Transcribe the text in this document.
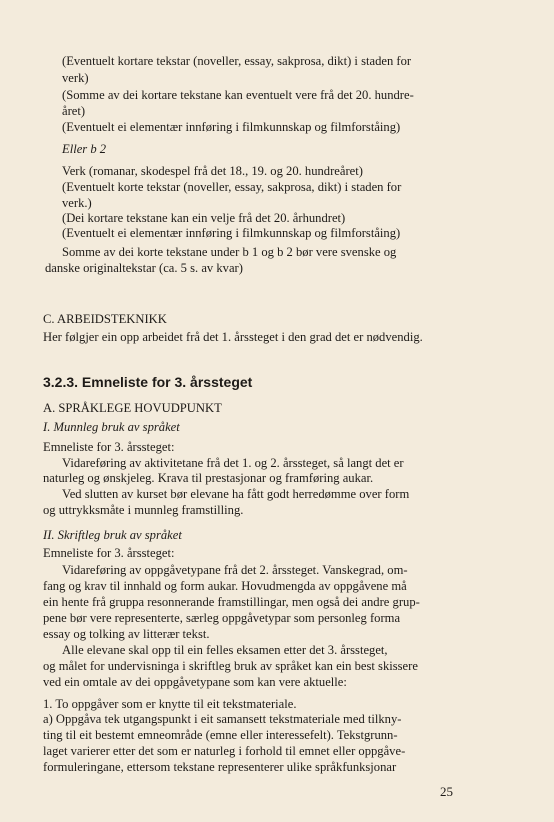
(Eventuelt kortare tekstar (noveller, essay, sakprosa, dikt) i staden for
verk)
(Somme av dei kortare tekstane kan eventuelt vere frå det 20. hundre-
året)
(Eventuelt ei elementær innføring i filmkunnskap og filmforståing)
Eller b 2
Verk (romanar, skodespel frå det 18., 19. og 20. hundreåret)
(Eventuelt korte tekstar (noveller, essay, sakprosa, dikt) i staden for
verk.)
(Dei kortare tekstane kan ein velje frå det 20. århundret)
(Eventuelt ei elementær innføring i filmkunnskap og filmforståing)
Somme av dei korte tekstane under b 1 og b 2 bør vere svenske og
danske originaltekstar (ca. 5 s. av kvar)
C. ARBEIDSTEKNIKK
Her følgjer ein opp arbeidet frå det 1. årssteget i den grad det er nødvendig.
3.2.3. Emneliste for 3. årssteget
A. SPRÅKLEGE HOVUDPUNKT
I. Munnleg bruk av språket
Emneliste for 3. årssteget:
Vidareføring av aktivitetane frå det 1. og 2. årssteget, så langt det er
naturleg og ønskjeleg. Krava til prestasjonar og framføring aukar.
Ved slutten av kurset bør elevane ha fått godt herredømme over form
og uttrykksmåte i munnleg framstilling.
II. Skriftleg bruk av språket
Emneliste for 3. årssteget:
Vidareføring av oppgåvetypane frå det 2. årssteget. Vanskegrad, om-
fang og krav til innhald og form aukar. Hovudmengda av oppgåvene må
ein hente frå gruppa resonnerande framstillingar, men også dei andre grup-
pene bør vere representerte, særleg oppgåvetypar som personleg forma
essay og tolking av litterær tekst.
Alle elevane skal opp til ein felles eksamen etter det 3. årssteget,
og målet for undervisninga i skriftleg bruk av språket kan ein best skissere
ved ein omtale av dei oppgåvetypane som kan vere aktuelle:
1. To oppgåver som er knytte til eit tekstmateriale.
a) Oppgåva tek utgangspunkt i eit samansett tekstmateriale med tilkny-
ting til eit bestemt emneområde (emne eller interessefelt). Tekstgrunn-
laget varierer etter det som er naturleg i forhold til emnet eller oppgåve-
formuleringane, ettersom tekstane representerer ulike språkfunksjonar
25
